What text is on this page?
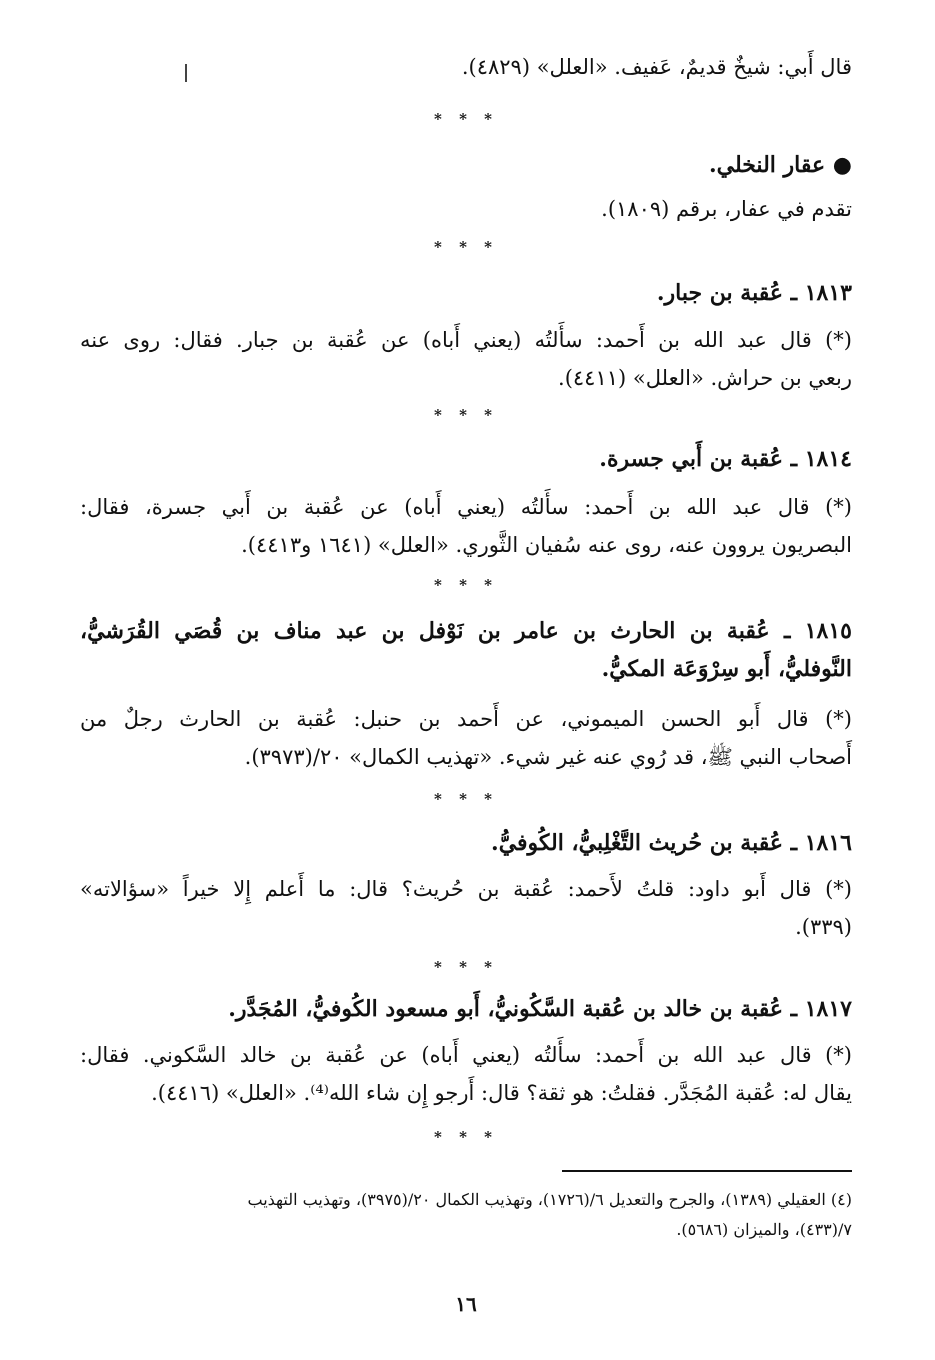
قال أَبي: شيخٌ قديمٌ، عَفيف. «العلل» (٤٨٢٩).
* * *
● عقار النخلي.
تقدم في عفار، برقم (١٨٠٩).
* * *
١٨١٣ ـ عُقبة بن جبار.
(*) قال عبد الله بن أَحمد: سأَلتُه (يعني أَباه) عن عُقبة بن جبار. فقال: روى عنه
ربعي بن حراش. «العلل» (٤٤١١).
* * *
١٨١٤ ـ عُقبة بن أَبي جسرة.
(*) قال عبد الله بن أَحمد: سأَلتُه (يعني أَباه) عن عُقبة بن أَبي جسرة، فقال:
البصريون يروون عنه، روى عنه سُفيان الثَّوري. «العلل» (١٦٤١ و٤٤١٣).
* * *
١٨١٥ ـ عُقبة بن الحارث بن عامر بن نَوْفل بن عبد مناف بن قُصَي القُرَشيُّ،
النَّوفليُّ، أَبو سِرْوَعَة المكيُّ.
(*) قال أَبو الحسن الميموني، عن أَحمد بن حنبل: عُقبة بن الحارث رجلٌ من
أَصحاب النبي ﷺ، قد رُوي عنه غير شيء. «تهذيب الكمال» ٢٠/(٣٩٧٣).
* * *
١٨١٦ ـ عُقبة بن حُريث التَّغْلِبيُّ، الكُوفيُّ.
(*) قال أَبو داود: قلتُ لأَحمد: عُقبة بن حُريث؟ قال: ما أَعلم إِلا خيراً «سؤالاته»
(٣٣٩).
* * *
١٨١٧ ـ عُقبة بن خالد بن عُقبة السَّكُونيُّ، أَبو مسعود الكُوفيُّ، المُجَدَّر.
(*) قال عبد الله بن أَحمد: سأَلتُه (يعني أَباه) عن عُقبة بن خالد السَّكوني. فقال:
يقال له: عُقبة المُجَدَّر. فقلتُ: هو ثقة؟ قال: أَرجو إِن شاء الله⁽⁴⁾. «العلل» (٤٤١٦).
* * *
(٤) العقيلي (١٣٨٩)، والجرح والتعديل ٦/(١٧٢٦)، وتهذيب الكمال ٢٠/(٣٩٧٥)، وتهذيب التهذيب
٧/(٤٣٣)، والميزان (٥٦٨٦).
١٦
